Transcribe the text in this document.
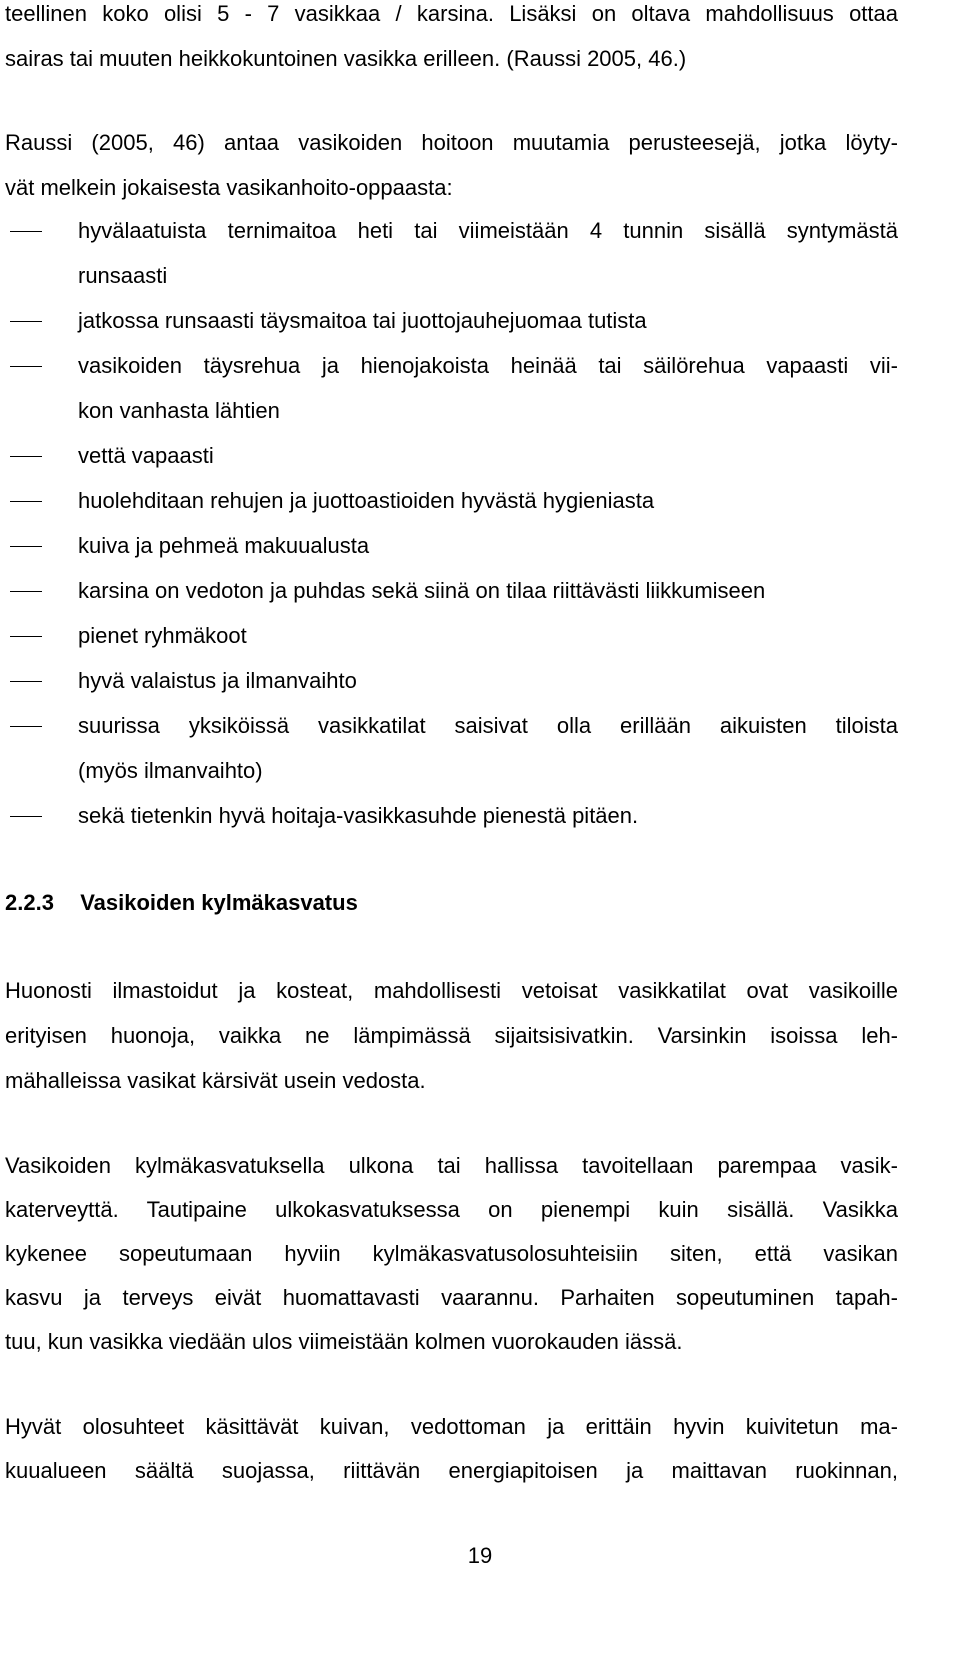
teellinen koko olisi 5 - 7 vasikkaa / karsina. Lisäksi on oltava mahdollisuus ottaa
sairas tai muuten heikkokuntoinen vasikka erilleen. (Raussi 2005, 46.)
Raussi (2005, 46) antaa vasikoiden hoitoon muutamia perusteesejä, jotka löyty-
vät melkein jokaisesta vasikanhoito-oppaasta:
hyvälaatuista ternimaitoa heti tai viimeistään 4 tunnin sisällä syntymästä
runsaasti
jatkossa runsaasti täysmaitoa tai juottojauhejuomaa tutista
vasikoiden täysrehua ja hienojakoista heinää tai säilörehua vapaasti vii-
kon vanhasta lähtien
vettä vapaasti
huolehditaan rehujen ja juottoastioiden hyvästä hygieniasta
kuiva ja pehmeä makuualusta
karsina on vedoton ja puhdas sekä siinä on tilaa riittävästi liikkumiseen
pienet ryhmäkoot
hyvä valaistus ja ilmanvaihto
suurissa yksiköissä vasikkatilat saisivat olla erillään aikuisten tiloista
(myös ilmanvaihto)
sekä tietenkin hyvä hoitaja-vasikkasuhde pienestä pitäen.
2.2.3 Vasikoiden kylmäkasvatus
Huonosti ilmastoidut ja kosteat, mahdollisesti vetoisat vasikkatilat ovat vasikoille
erityisen huonoja, vaikka ne lämpimässä sijaitsisivatkin. Varsinkin isoissa leh-
mähalleissa vasikat kärsivät usein vedosta.
Vasikoiden kylmäkasvatuksella ulkona tai hallissa tavoitellaan parempaa vasik-
katerveyttä. Tautipaine ulkokasvatuksessa on pienempi kuin sisällä. Vasikka
kykenee sopeutumaan hyviin kylmäkasvatusolosuhteisiin siten, että vasikan
kasvu ja terveys eivät huomattavasti vaarannu. Parhaiten sopeutuminen tapah-
tuu, kun vasikka viedään ulos viimeistään kolmen vuorokauden iässä.
Hyvät olosuhteet käsittävät kuivan, vedottoman ja erittäin hyvin kuivitetun ma-
kuualueen säältä suojassa, riittävän energiapitoisen ja maittavan ruokinnan,
19
